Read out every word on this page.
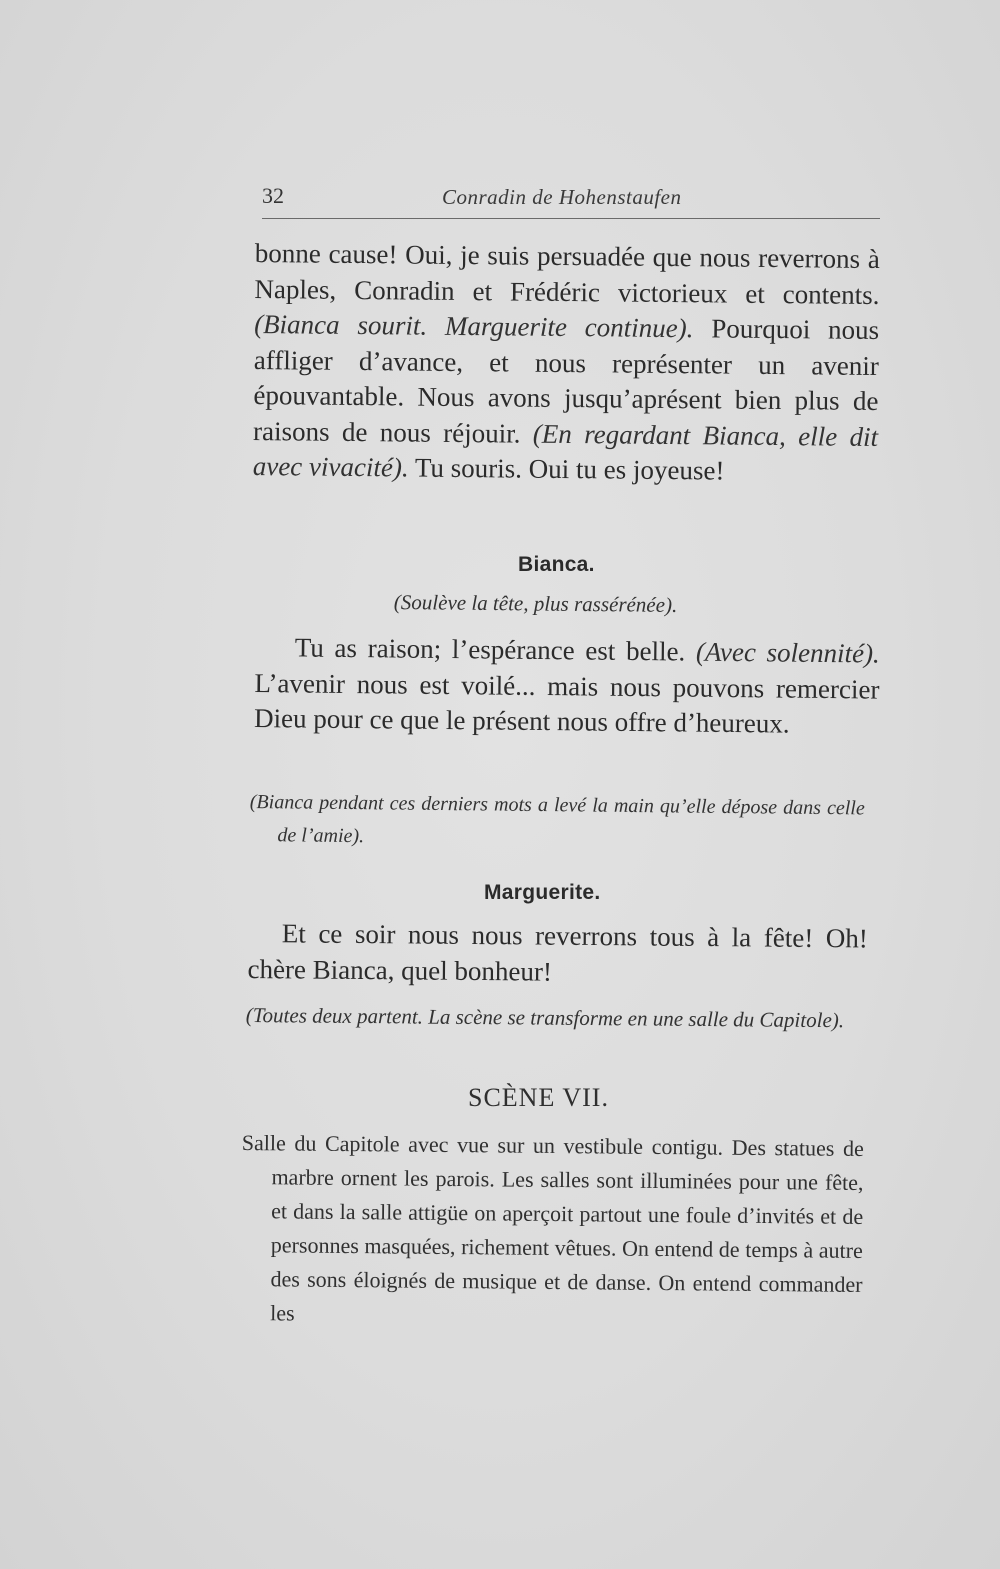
32	Conradin de Hohenstaufen

bonne cause! Oui, je suis persuadée que nous reverrons à Naples, Conradin et Frédéric victorieux et contents. (Bianca sourit. Marguerite continue). Pourquoi nous affliger d’avance, et nous représenter un avenir épouvantable. Nous avons jusqu’aprésent bien plus de raisons de nous réjouir. (En regardant Bianca, elle dit avec vivacité). Tu souris. Oui tu es joyeuse!

Bianca.

(Soulève la tête, plus rassérénée).

Tu as raison; l’espérance est belle. (Avec solennité). L’avenir nous est voilé... mais nous pouvons remercier Dieu pour ce que le présent nous offre d’heureux.

(Bianca pendant ces derniers mots a levé la main qu’elle dépose dans celle de l’amie).

Marguerite.

Et ce soir nous nous reverrons tous à la fête! Oh! chère Bianca, quel bonheur!

(Toutes deux partent. La scène se transforme en une salle du Capitole).

SCÈNE VII.

Salle du Capitole avec vue sur un vestibule contigu. Des statues de marbre ornent les parois. Les salles sont illuminées pour une fête, et dans la salle attigüe on aperçoit partout une foule d’invités et de personnes masquées, richement vêtues. On entend de temps à autre des sons éloignés de musique et de danse. On entend commander les
